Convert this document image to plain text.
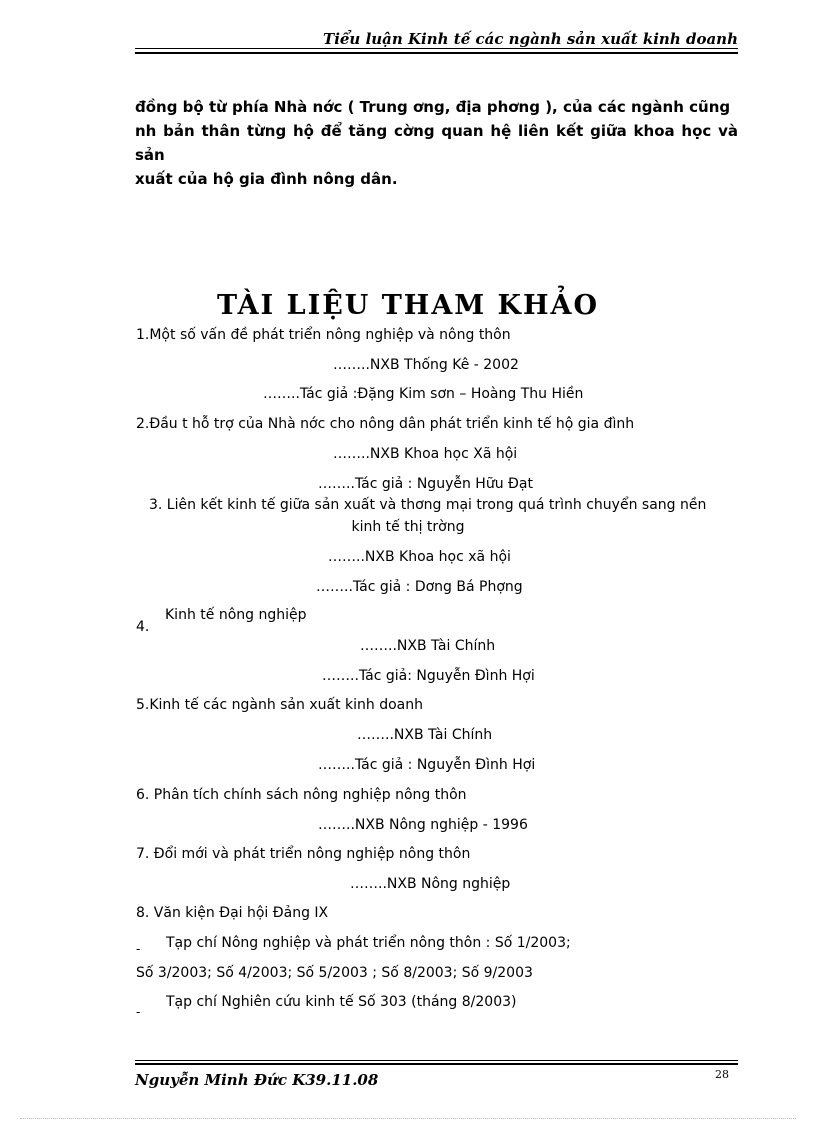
Tiểu luận Kinh tế các ngành sản xuất kinh doanh
đồng bộ từ phía Nhà nớc ( Trung ơng, địa phơng ), của các ngành cũng
nh bản thân từng hộ để tăng cờng quan hệ liên kết giữa khoa học và sản
xuất của hộ gia đình nông dân.
TÀI LIỆU THAM KHẢO
1.Một số vấn đề phát triển nông nghiệp và nông thôn
……..NXB Thống Kê - 2002
……..Tác giả :Đặng Kim sơn – Hoàng Thu Hiền
2.Đầu t hỗ trợ của Nhà nớc cho nông dân phát triển kinh tế hộ gia đình
……..NXB Khoa học Xã hội
……..Tác giả : Nguyễn Hữu Đạt
3. Liên kết kinh tế giữa sản xuất và thơng mại trong quá trình chuyển sang nền
kinh tế thị trờng
……..NXB Khoa học xã hội
……..Tác giả : Dơng Bá Phợng
Kinh tế nông nghiệp
4.
……..NXB Tài Chính
……..Tác giả: Nguyễn Đình Hợi
5.Kinh tế các ngành sản xuất kinh doanh
……..NXB Tài Chính
……..Tác giả : Nguyễn Đình Hợi
6. Phân tích chính sách nông nghiệp nông thôn
……..NXB Nông nghiệp - 1996
7. Đổi mới và phát triển nông nghiệp nông thôn
……..NXB Nông nghiệp
8. Văn kiện Đại hội Đảng IX
- Tạp chí Nông nghiệp và phát triển nông thôn : Số 1/2003;
Số 3/2003; Số 4/2003; Số 5/2003 ; Số 8/2003; Số 9/2003
Tạp chí Nghiên cứu kinh tế Số 303 (tháng 8/2003)
-
Nguyễn Minh Đức K39.11.08	28
